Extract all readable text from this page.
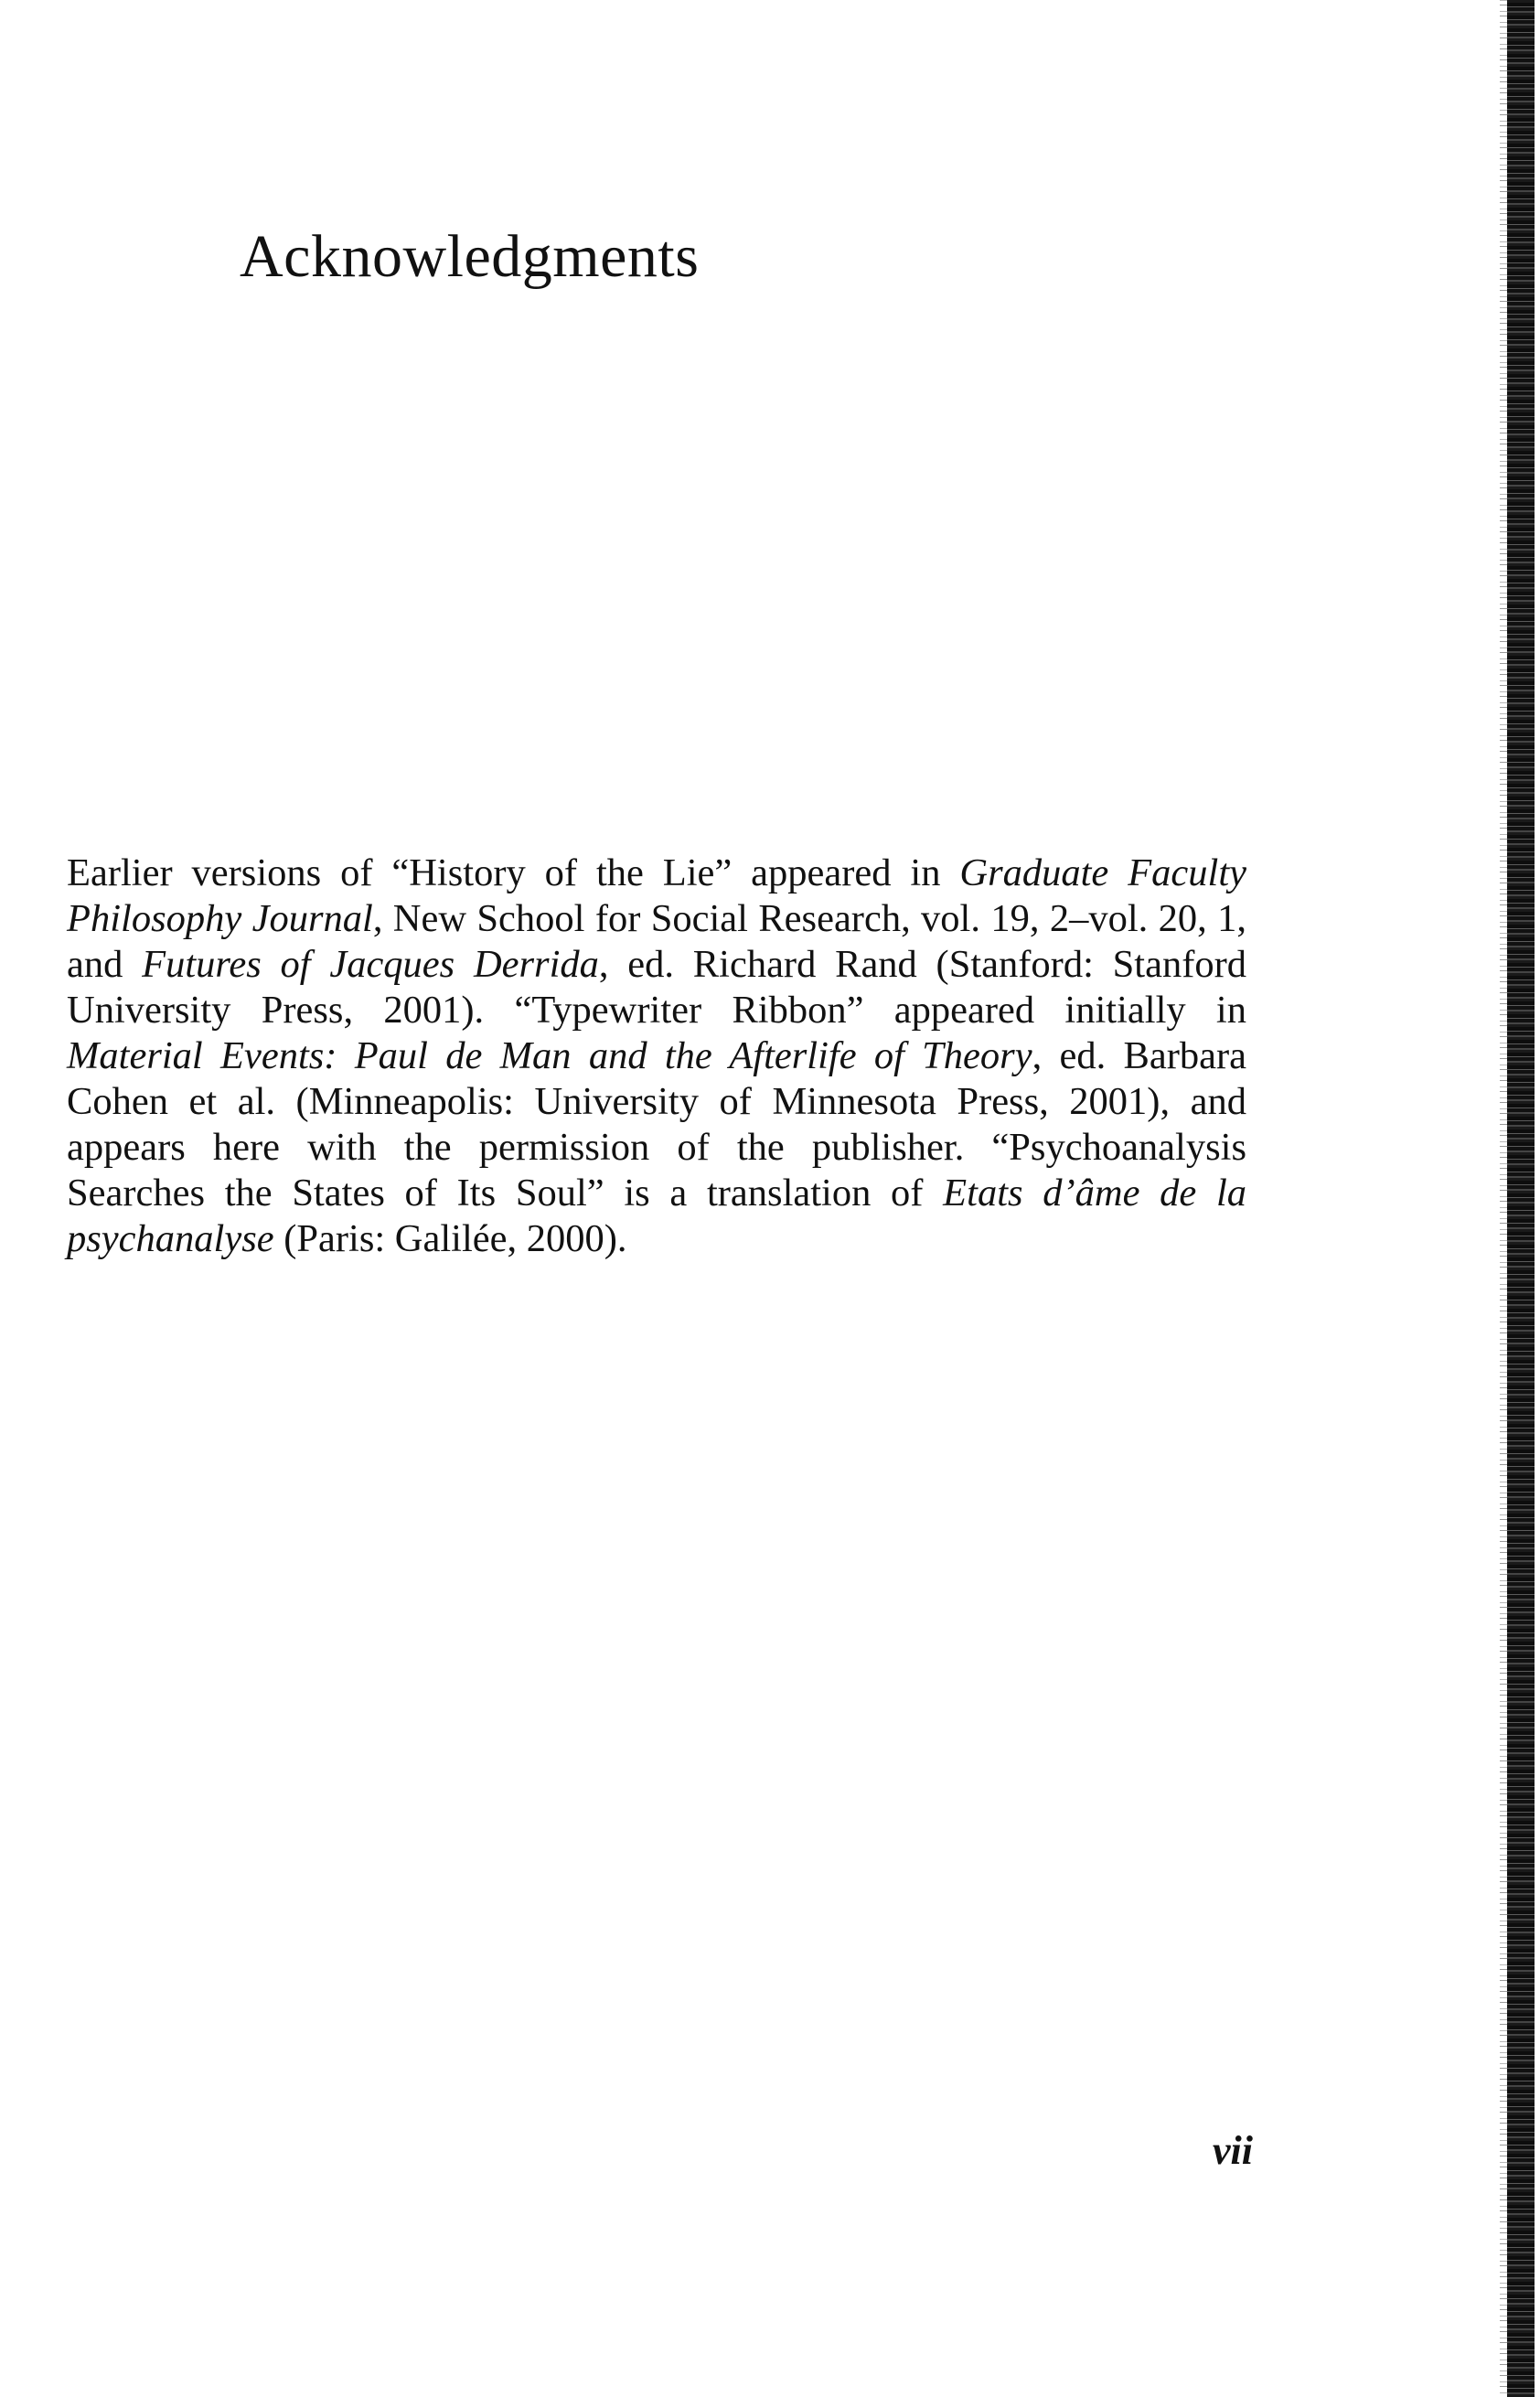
Acknowledgments

Earlier versions of “History of the Lie” appeared in Graduate Faculty Philosophy Journal, New School for Social Research, vol. 19, 2–vol. 20, 1, and Futures of Jacques Derrida, ed. Richard Rand (Stanford: Stanford University Press, 2001). “Typewriter Ribbon” appeared initially in Material Events: Paul de Man and the Afterlife of Theory, ed. Barbara Cohen et al. (Minneapolis: University of Minnesota Press, 2001), and appears here with the permission of the publisher. “Psychoanalysis Searches the States of Its Soul” is a translation of Etats d’âme de la psychanalyse (Paris: Galilée, 2000).

vii
